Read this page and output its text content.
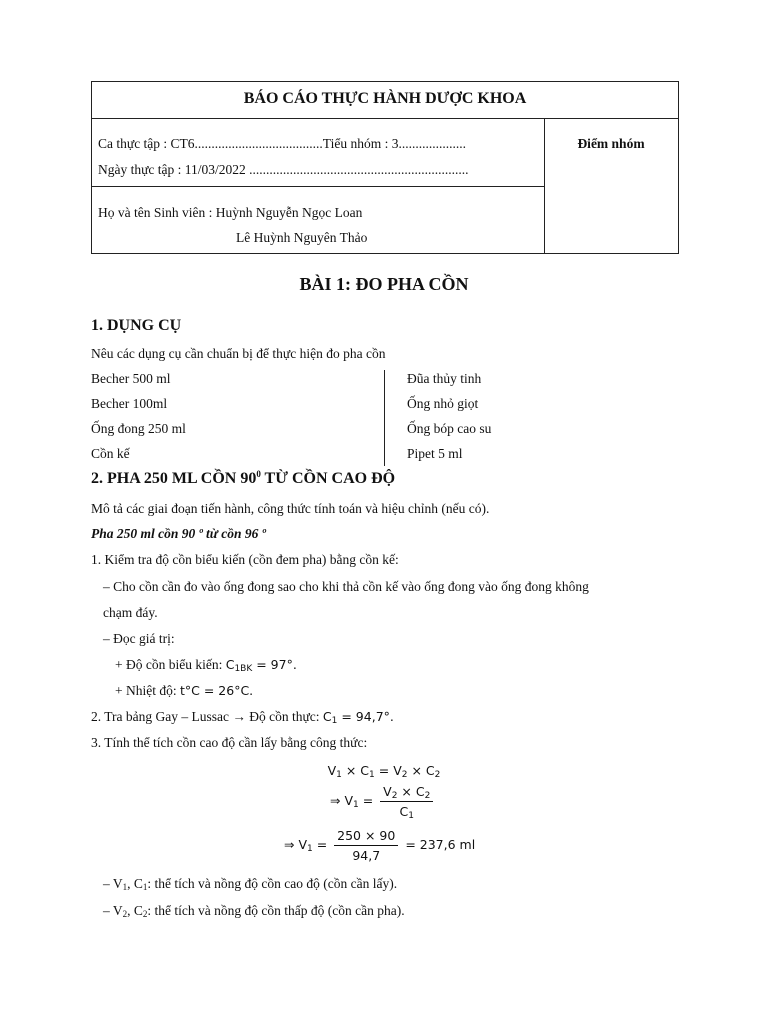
BÁO CÁO THỰC HÀNH DƯỢC KHOA
Ca thực tập : CT6......................................Tiểu nhóm : 3....................
Ngày thực tập : 11/03/2022 .................................................................
Điểm nhóm
Họ và tên Sinh viên : Huỳnh Nguyễn Ngọc Loan
Lê Huỳnh Nguyên Thảo
BÀI 1: ĐO PHA CỒN
1. DỤNG CỤ
Nêu các dụng cụ cần chuẩn bị để thực hiện đo pha cồn
Becher 500 ml
Becher 100ml
Ống đong 250 ml
Cồn kế
Đũa thủy tinh
Ống nhỏ giọt
Ống bóp cao su
Pipet 5 ml
2. PHA 250 ML CỒN $90^0$ TỪ CỒN CAO ĐỘ
Mô tả các giai đoạn tiến hành, công thức tính toán và hiệu chỉnh (nếu có).
Pha 250 ml cồn 90 º từ cồn 96 º
1. Kiểm tra độ cồn biểu kiến (cồn đem pha) bằng cồn kế:
– Cho cồn cần đo vào ống đong sao cho khi thả cồn kế vào ống đong vào ống đong không
chạm đáy.
– Đọc giá trị:
+ Độ cồn biểu kiến: $C_{1BK} = 97^\circ$.
+ Nhiệt độ: t°C = 26°C.
2. Tra bảng Gay – Lussac → Độ cồn thực: $C_1 = 94,7^\circ$.
3. Tính thể tích cồn cao độ cần lấy bằng công thức:
$V_1 \times C_1 = V_2 \times C_2$
⇒ $V_1 = \frac{V_2 \times C_2}{C_1}$
⇒ $V_1 = \frac{250 \times 90}{94,7} = 237,6$ ml
– $V_1$, $C_1$: thể tích và nồng độ cồn cao độ (cồn cần lấy).
– $V_2$, $C_2$: thể tích và nồng độ cồn thấp độ (cồn cần pha).
